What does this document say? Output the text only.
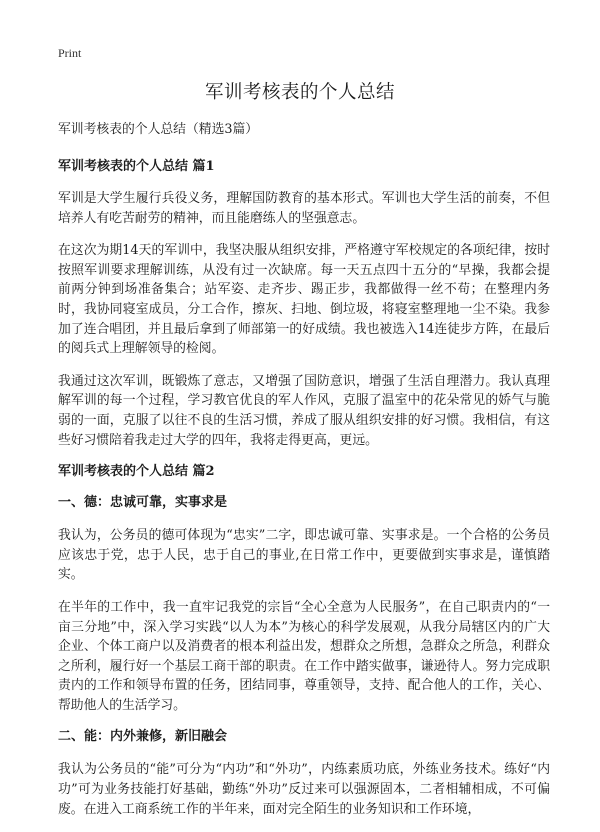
Print
军训考核表的个人总结

军训考核表的个人总结（精选3篇）

军训考核表的个人总结 篇1

军训是大学生履行兵役义务，理解国防教育的基本形式。军训也大学生活的前奏，不但培养人有吃苦耐劳的精神，而且能磨练人的坚强意志。

在这次为期14天的军训中，我坚决服从组织安排，严格遵守军校规定的各项纪律，按时按照军训要求理解训练，从没有过一次缺席。每一天五点四十五分的“早操，我都会提前两分钟到场准备集合；站军姿、走齐步、踢正步，我都做得一丝不苟；在整理内务时，我协同寝室成员，分工合作，擦灰、扫地、倒垃圾，将寝室整理地一尘不染。我参加了连合唱团，并且最后拿到了师部第一的好成绩。我也被选入14连徒步方阵，在最后的阅兵式上理解领导的检阅。

我通过这次军训，既锻炼了意志，又增强了国防意识，增强了生活自理潜力。我认真理解军训的每一个过程，学习教官优良的军人作风，克服了温室中的花朵常见的娇气与脆弱的一面，克服了以往不良的生活习惯，养成了服从组织安排的好习惯。我相信，有这些好习惯陪着我走过大学的四年，我将走得更高，更远。

军训考核表的个人总结 篇2
一、德：忠诚可靠，实事求是

我认为，公务员的德可体现为“忠实”二字，即忠诚可靠、实事求是。一个合格的公务员应该忠于党，忠于人民，忠于自己的事业,在日常工作中，更要做到实事求是，谨慎踏实。

在半年的工作中，我一直牢记我党的宗旨“全心全意为人民服务”，在自己职责内的“一亩三分地”中，深入学习实践“以人为本”为核心的科学发展观，从我分局辖区内的广大企业、个体工商户以及消费者的根本利益出发，想群众之所想，急群众之所急，利群众之所利，履行好一个基层工商干部的职责。在工作中踏实做事，谦逊待人。努力完成职责内的工作和领导布置的任务，团结同事，尊重领导，支持、配合他人的工作，关心、帮助他人的生活学习。

二、能：内外兼修，新旧融会

我认为公务员的“能”可分为“内功”和“外功”，内练素质功底，外练业务技术。练好“内功”可为业务技能打好基础，勤练“外功”反过来可以强源固本，二者相辅相成，不可偏废。在进入工商系统工作的半年来，面对完全陌生的业务知识和工作环境，
